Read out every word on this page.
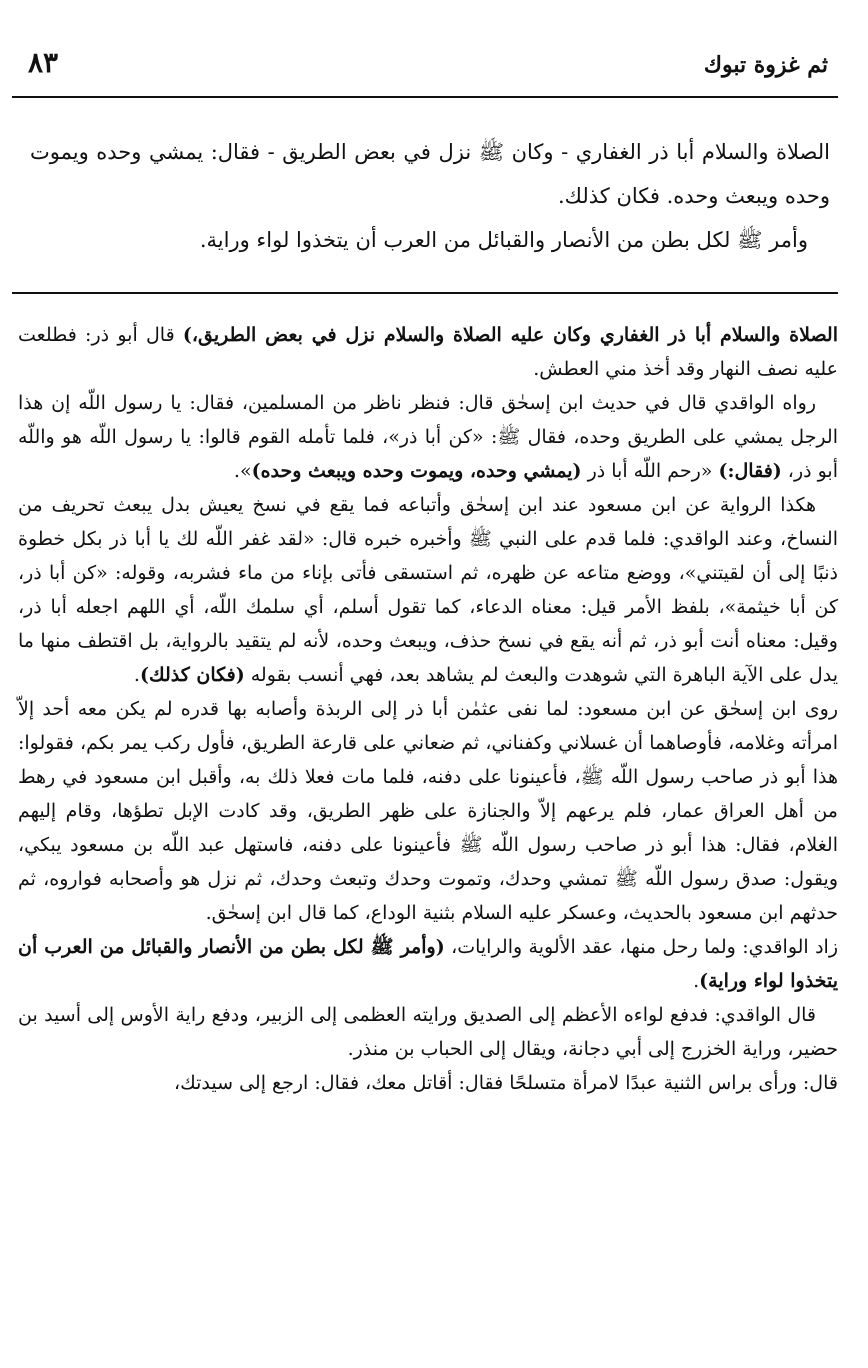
ثم غزوة تبوك
٨٣

الصلاة والسلام أبا ذر الغفاري - وكان ﷺ نزل في بعض الطريق - فقال: يمشي وحده ويموت وحده ويبعث وحده. فكان كذلك.

وأمر ﷺ لكل بطن من الأنصار والقبائل من العرب أن يتخذوا لواء وراية.

الصلاة والسلام أبا ذر الغفاري وكان عليه الصلاة والسلام نزل في بعض الطريق،) قال أبو ذر: فطلعت عليه نصف النهار وقد أخذ مني العطش.

رواه الواقدي قال في حديث ابن إسحٰق قال: فنظر ناظر من المسلمين، فقال: يا رسول اللّه إن هذا الرجل يمشي على الطريق وحده، فقال ﷺ: «كن أبا ذر»، فلما تأمله القوم قالوا: يا رسول اللّه هو واللّه أبو ذر، (فقال:) «رحم اللّه أبا ذر (يمشي وحده، ويموت وحده ويبعث وحده)».

هكذا الرواية عن ابن مسعود عند ابن إسحٰق وأتباعه فما يقع في نسخ يعيش بدل يبعث تحريف من النساخ، وعند الواقدي: فلما قدم على النبي ﷺ وأخبره خبره قال: «لقد غفر اللّه لك يا أبا ذر بكل خطوة ذنبًا إلى أن لقيتني»، ووضع متاعه عن ظهره، ثم استسقى فأتى بإناء من ماء فشربه، وقوله: «كن أبا ذر، كن أبا خيثمة»، بلفظ الأمر قيل: معناه الدعاء، كما تقول أسلم، أي سلمك اللّه، أي اللهم اجعله أبا ذر، وقيل: معناه أنت أبو ذر، ثم أنه يقع في نسخ حذف، ويبعث وحده، لأنه لم يتقيد بالرواية، بل اقتطف منها ما يدل على الآية الباهرة التي شوهدت والبعث لم يشاهد بعد، فهي أنسب بقوله (فكان كذلك).

روى ابن إسحٰق عن ابن مسعود: لما نفى عثمٰن أبا ذر إلى الربذة وأصابه بها قدره لم يكن معه أحد إلاّ امرأته وغلامه، فأوصاهما أن غسلاني وكفناني، ثم ضعاني على قارعة الطريق، فأول ركب يمر بكم، فقولوا: هذا أبو ذر صاحب رسول اللّه ﷺ، فأعينونا على دفنه، فلما مات فعلا ذلك به، وأقبل ابن مسعود في رهط من أهل العراق عمار، فلم يرعهم إلاّ والجنازة على ظهر الطريق، وقد كادت الإبل تطؤها، وقام إليهم الغلام، فقال: هذا أبو ذر صاحب رسول اللّه ﷺ فأعينونا على دفنه، فاستهل عبد اللّه بن مسعود يبكي، ويقول: صدق رسول اللّه ﷺ تمشي وحدك، وتموت وحدك وتبعث وحدك، ثم نزل هو وأصحابه فواروه، ثم حدثهم ابن مسعود بالحديث، وعسكر عليه السلام بثنية الوداع، كما قال ابن إسحٰق.

زاد الواقدي: ولما رحل منها، عقد الألوية والرايات، (وأمر ﷺ لكل بطن من الأنصار والقبائل من العرب أن يتخذوا لواء وراية).

قال الواقدي: فدفع لواءه الأعظم إلى الصديق ورايته العظمى إلى الزبير، ودفع راية الأوس إلى أسيد بن حضير، وراية الخزرج إلى أبي دجانة، ويقال إلى الحباب بن منذر.

قال: ورأى براس الثنية عبدًا لامرأة متسلحًا فقال: أقاتل معك، فقال: ارجع إلى سيدتك،
